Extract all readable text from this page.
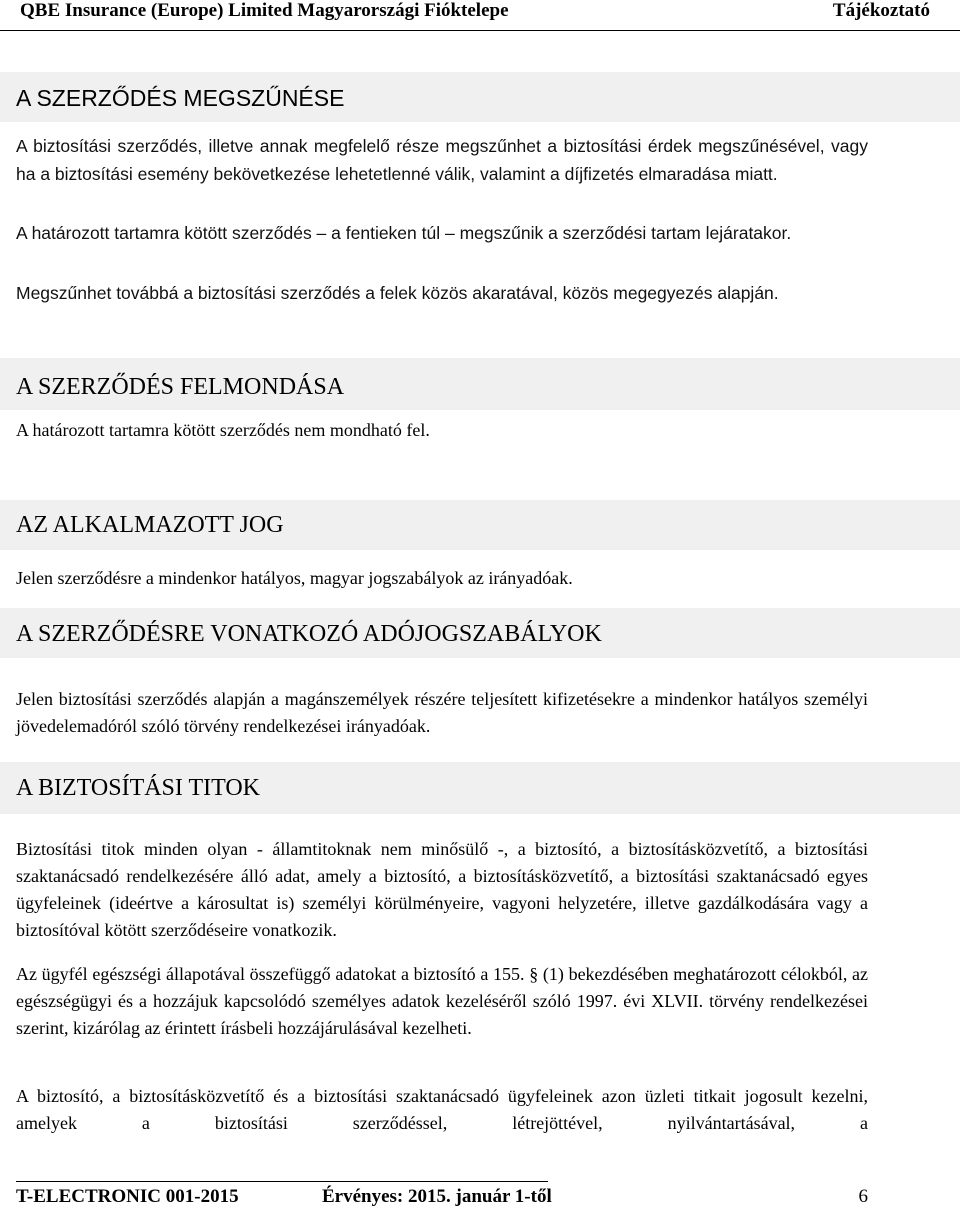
QBE Insurance (Europe) Limited Magyarországi Fióktelepe	Tájékoztató
A SZERZŐDÉS MEGSZŰNÉSE

A biztosítási szerződés, illetve annak megfelelő része megszűnhet a biztosítási érdek megszűnésével, vagy ha a biztosítási esemény bekövetkezése lehetetlenné válik, valamint a díjfizetés elmaradása miatt.

A határozott tartamra kötött szerződés – a fentieken túl – megszűnik a szerződési tartam lejáratakor.

Megszűnhet továbbá a biztosítási szerződés a felek közös akaratával, közös megegyezés alapján.

A SZERZŐDÉS FELMONDÁSA

A határozott tartamra kötött szerződés nem mondható fel.

AZ ALKALMAZOTT JOG

Jelen szerződésre a mindenkor hatályos, magyar jogszabályok az irányadóak.

A SZERZŐDÉSRE VONATKOZÓ ADÓJOGSZABÁLYOK

Jelen biztosítási szerződés alapján a magánszemélyek részére teljesített kifizetésekre a mindenkor hatályos személyi jövedelemadóról szóló törvény rendelkezései irányadóak.

A BIZTOSÍTÁSI TITOK

Biztosítási titok minden olyan - államtitoknak nem minősülő -, a biztosító, a biztosításközvetítő, a biztosítási szaktanácsadó rendelkezésére álló adat, amely a biztosító, a biztosításközvetítő, a biztosítási szaktanácsadó egyes ügyfeleinek (ideértve a károsultat is) személyi körülményeire, vagyoni helyzetére, illetve gazdálkodására vagy a biztosítóval kötött szerződéseire vonatkozik.

Az ügyfél egészségi állapotával összefüggő adatokat a biztosító a 155. § (1) bekezdésében meghatározott célokból, az egészségügyi és a hozzájuk kapcsolódó személyes adatok kezeléséről szóló 1997. évi XLVII. törvény rendelkezései szerint, kizárólag az érintett írásbeli hozzájárulásával kezelheti.

A biztosító, a biztosításközvetítő és a biztosítási szaktanácsadó ügyfeleinek azon üzleti titkait jogosult kezelni, amelyek a biztosítási szerződéssel, létrejöttével, nyilvántartásával, a

T-ELECTRONIC 001-2015	Érvényes: 2015. január 1-től	6
